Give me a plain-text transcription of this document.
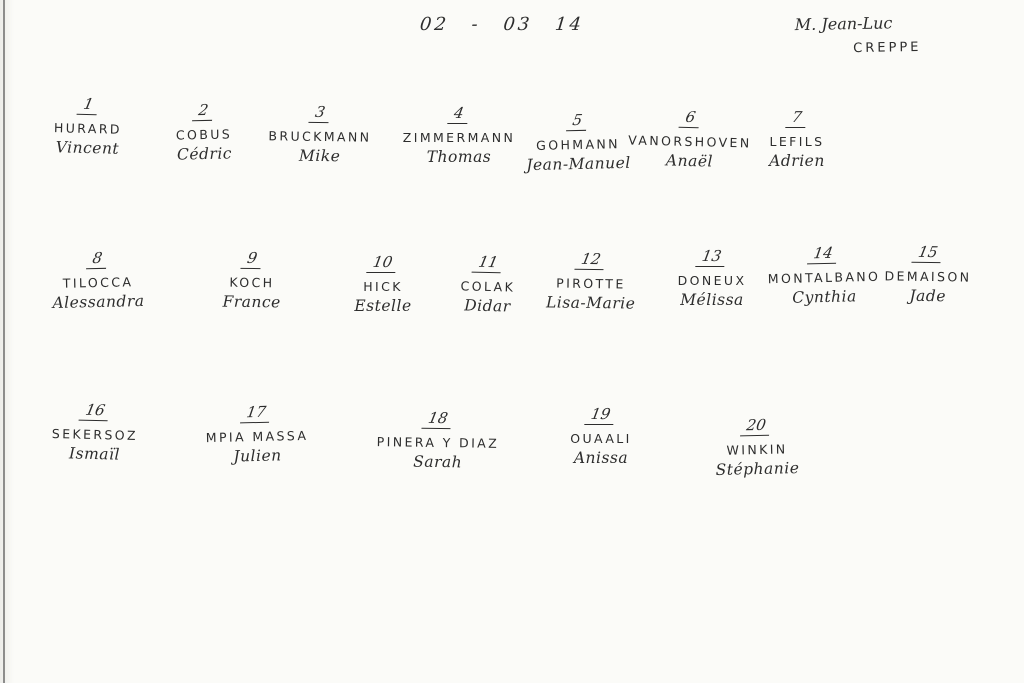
02 - 03 14	M. Jean-Luc
CREPPE
1
HURARD
Vincent
2
COBUS
Cédric
3
BRUCKMANN
Mike
4
ZIMMERMANN
Thomas
5
GOHMANN
Jean-Manuel
6
VANORSHOVEN
Anaël
7
LEFILS
Adrien
8
TILOCCA
Alessandra
9
KOCH
France
10
HICK
Estelle
11
COLAK
Didar
12
PIROTTE
Lisa-Marie
13
DONEUX
Mélissa
14
MONTALBANO
Cynthia
15
DEMAISON
Jade
16
SEKERSOZ
Ismaïl
17
MPIA MASSA
Julien
18
PINERA Y DIAZ
Sarah
19
OUAALI
Anissa
20
WINKIN
Stéphanie
